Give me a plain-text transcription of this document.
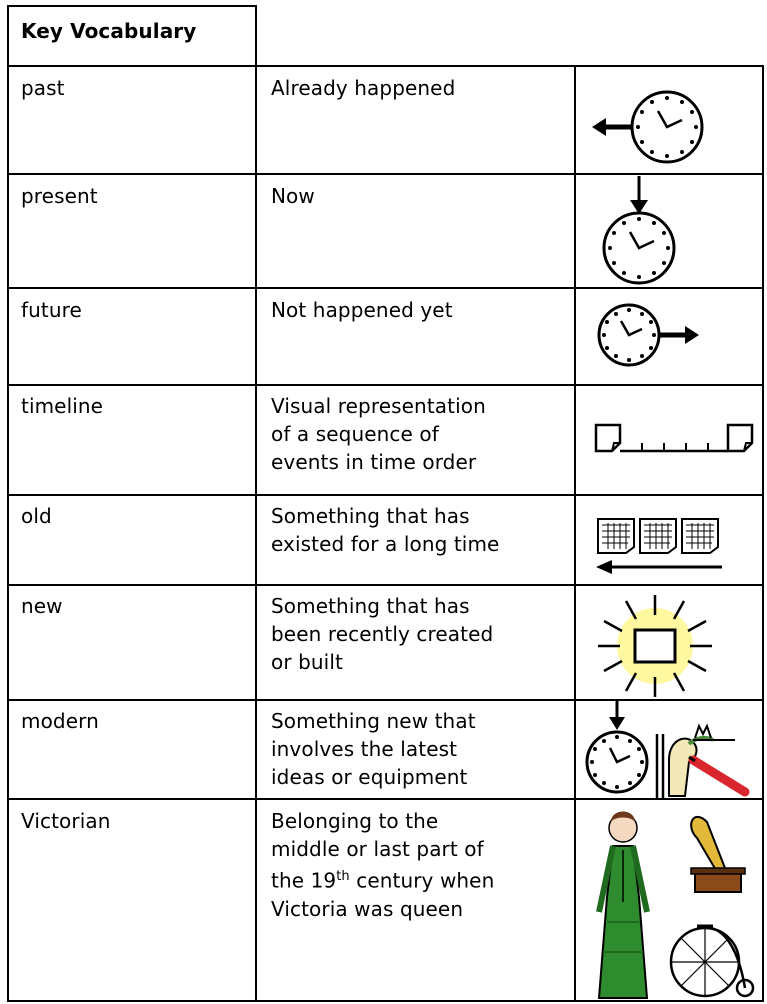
Key Vocabulary
past	Already happened
present	Now
future	Not happened yet
timeline	Visual representation
of a sequence of
events in time order
old	Something that has
existed for a long time
new	Something that has
been recently created
or built
modern	Something new that
involves the latest
ideas or equipment
Victorian	Belonging to the
middle or last part of
the 19th century when
Victoria was queen
